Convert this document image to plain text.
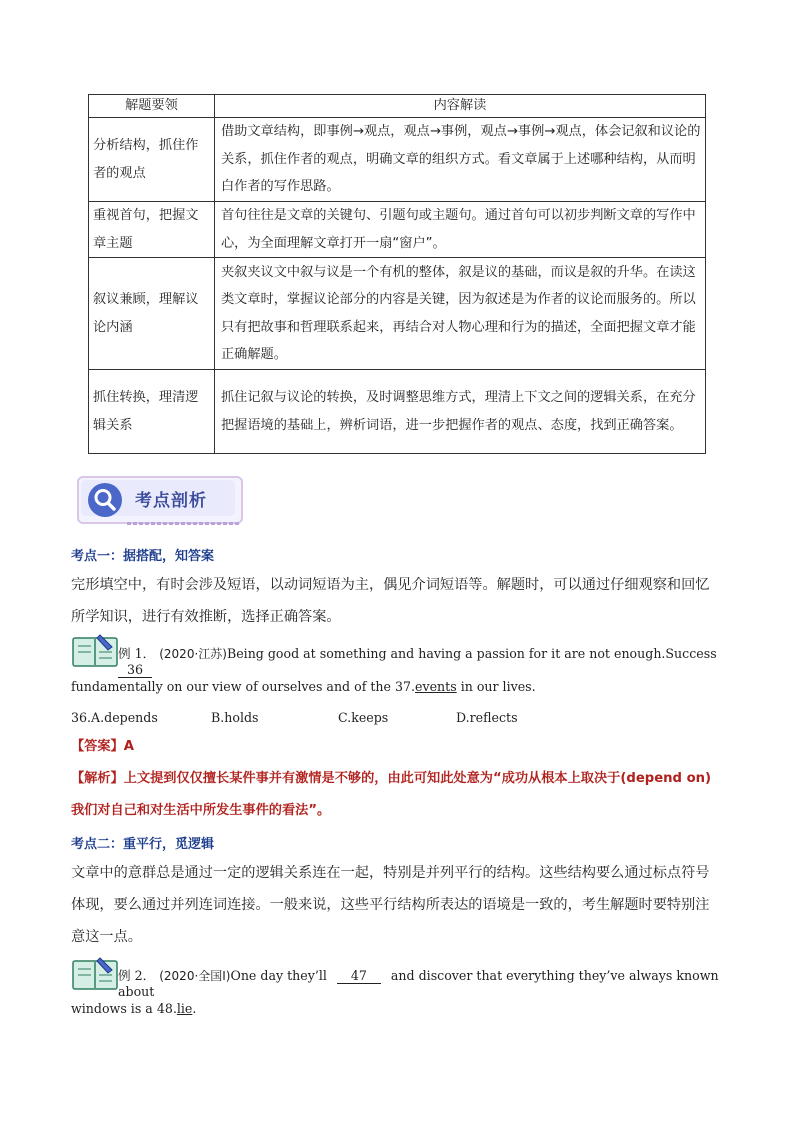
解题要领	内容解读
分析结构，抓住作者的观点	借助文章结构，即事例→观点，观点→事例，观点→事例→观点，体会记叙和议论的关系，抓住作者的观点，明确文章的组织方式。看文章属于上述哪种结构，从而明白作者的写作思路。
重视首句，把握文章主题	首句往往是文章的关键句、引题句或主题句。通过首句可以初步判断文章的写作中心，为全面理解文章打开一扇“窗户”。
叙议兼顾，理解议论内涵	夹叙夹议文中叙与议是一个有机的整体，叙是议的基础，而议是叙的升华。在读这类文章时，掌握议论部分的内容是关键，因为叙述是为作者的议论而服务的。所以只有把故事和哲理联系起来，再结合对人物心理和行为的描述，全面把握文章才能正确解题。
抓住转换，理清逻辑关系	抓住记叙与议论的转换，及时调整思维方式，理清上下文之间的逻辑关系，在充分把握语境的基础上，辨析词语，进一步把握作者的观点、态度，找到正确答案。
考点剖析
考点一：据搭配，知答案
完形填空中，有时会涉及短语，以动词短语为主，偶见介词短语等。解题时，可以通过仔细观察和回忆所学知识，进行有效推断，选择正确答案。
例 1． (2020·江苏)Being good at something and having a passion for it are not enough.Success 36
fundamentally on our view of ourselves and of the 37.events in our lives.
36.A.depends	B.holds	C.keeps	D.reflects
【答案】A
【解析】上文提到仅仅擅长某件事并有激情是不够的，由此可知此处意为“成功从根本上取决于(depend on)
我们对自己和对生活中所发生事件的看法”。
考点二：重平行，觅逻辑
文章中的意群总是通过一定的逻辑关系连在一起，特别是并列平行的结构。这些结构要么通过标点符号体现，要么通过并列连词连接。一般来说，这些平行结构所表达的语境是一致的，考生解题时要特别注意这一点。
例 2． (2020·全国Ⅰ)One day they’ll 47 and discover that everything they’ve always known about
windows is a 48.lie.
